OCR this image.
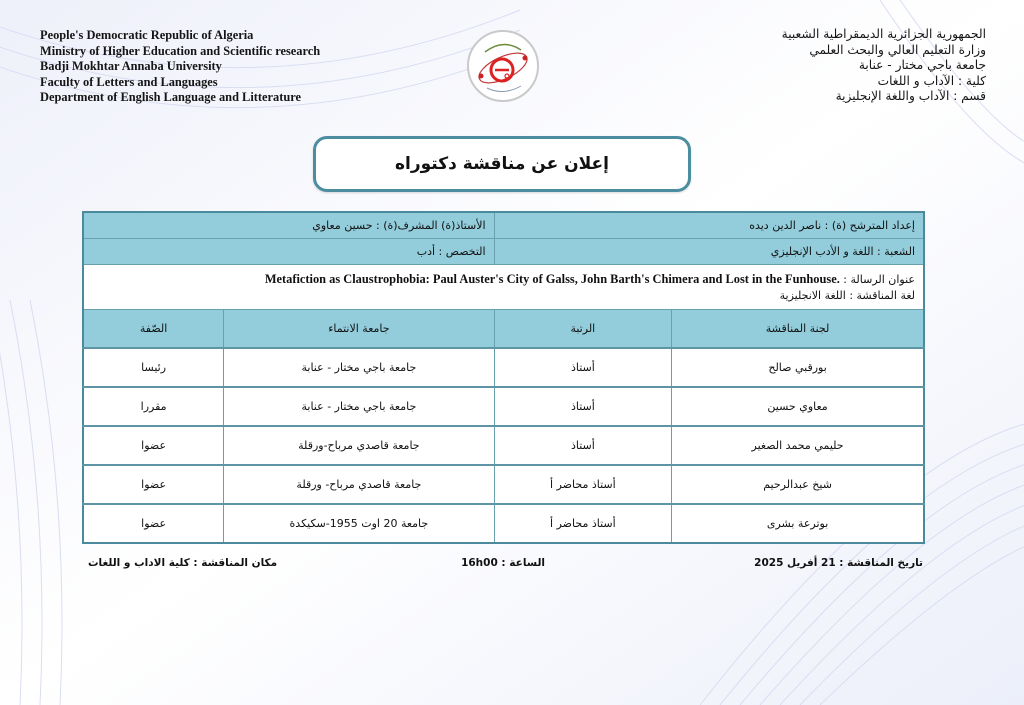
People's Democratic Republic of Algeria
Ministry of Higher Education and Scientific research
Badji Mokhtar Annaba University
Faculty of Letters and Languages
Department of English Language and Litterature
الجمهورية الجزائرية الديمقراطية الشعبية
وزارة التعليم العالي والبحث العلمي
جامعة باجي مختار - عنابة
كلية : الآداب و اللغات
قسم : الآداب واللغة الإنجليزية
إعلان عن مناقشة دكتوراه
إعداد المترشح (ة) : ناصر الدين ديده		الأستاذ(ة) المشرف(ة) : حسين معاوي	
الشعبة : اللغة و الأدب الإنجليزي		التخصص : أدب	

عنوان الرسالة : Metafiction as Claustrophobia: Paul Auster's City of Galss, John Barth's Chimera and Lost in the Funhouse.
لغة المناقشة : اللغة الانجليزية			

لجنة المناقشة	الرتبة	جامعة الانتماء	الصّفة
بورقبي صالح	أستاذ	جامعة باجي مختار - عنابة	رئيسا
معاوي حسين	أستاذ	جامعة باجي مختار - عنابة	مقررا
حليمي محمد الصغير	أستاذ	جامعة قاصدي مرباح-ورقلة	عضوا
شيخ عبدالرحيم	أستاذ محاضر أ	جامعة قاصدي مرباح- ورقلة	عضوا
بوترعة بشرى	أستاذ محاضر أ	جامعة 20 اوت 1955-سكيكدة	عضوا
تاريخ المناقشة : 21 أفريل 2025
الساعة : 16h00
مكان المناقشة : كلية الاداب و اللغات
